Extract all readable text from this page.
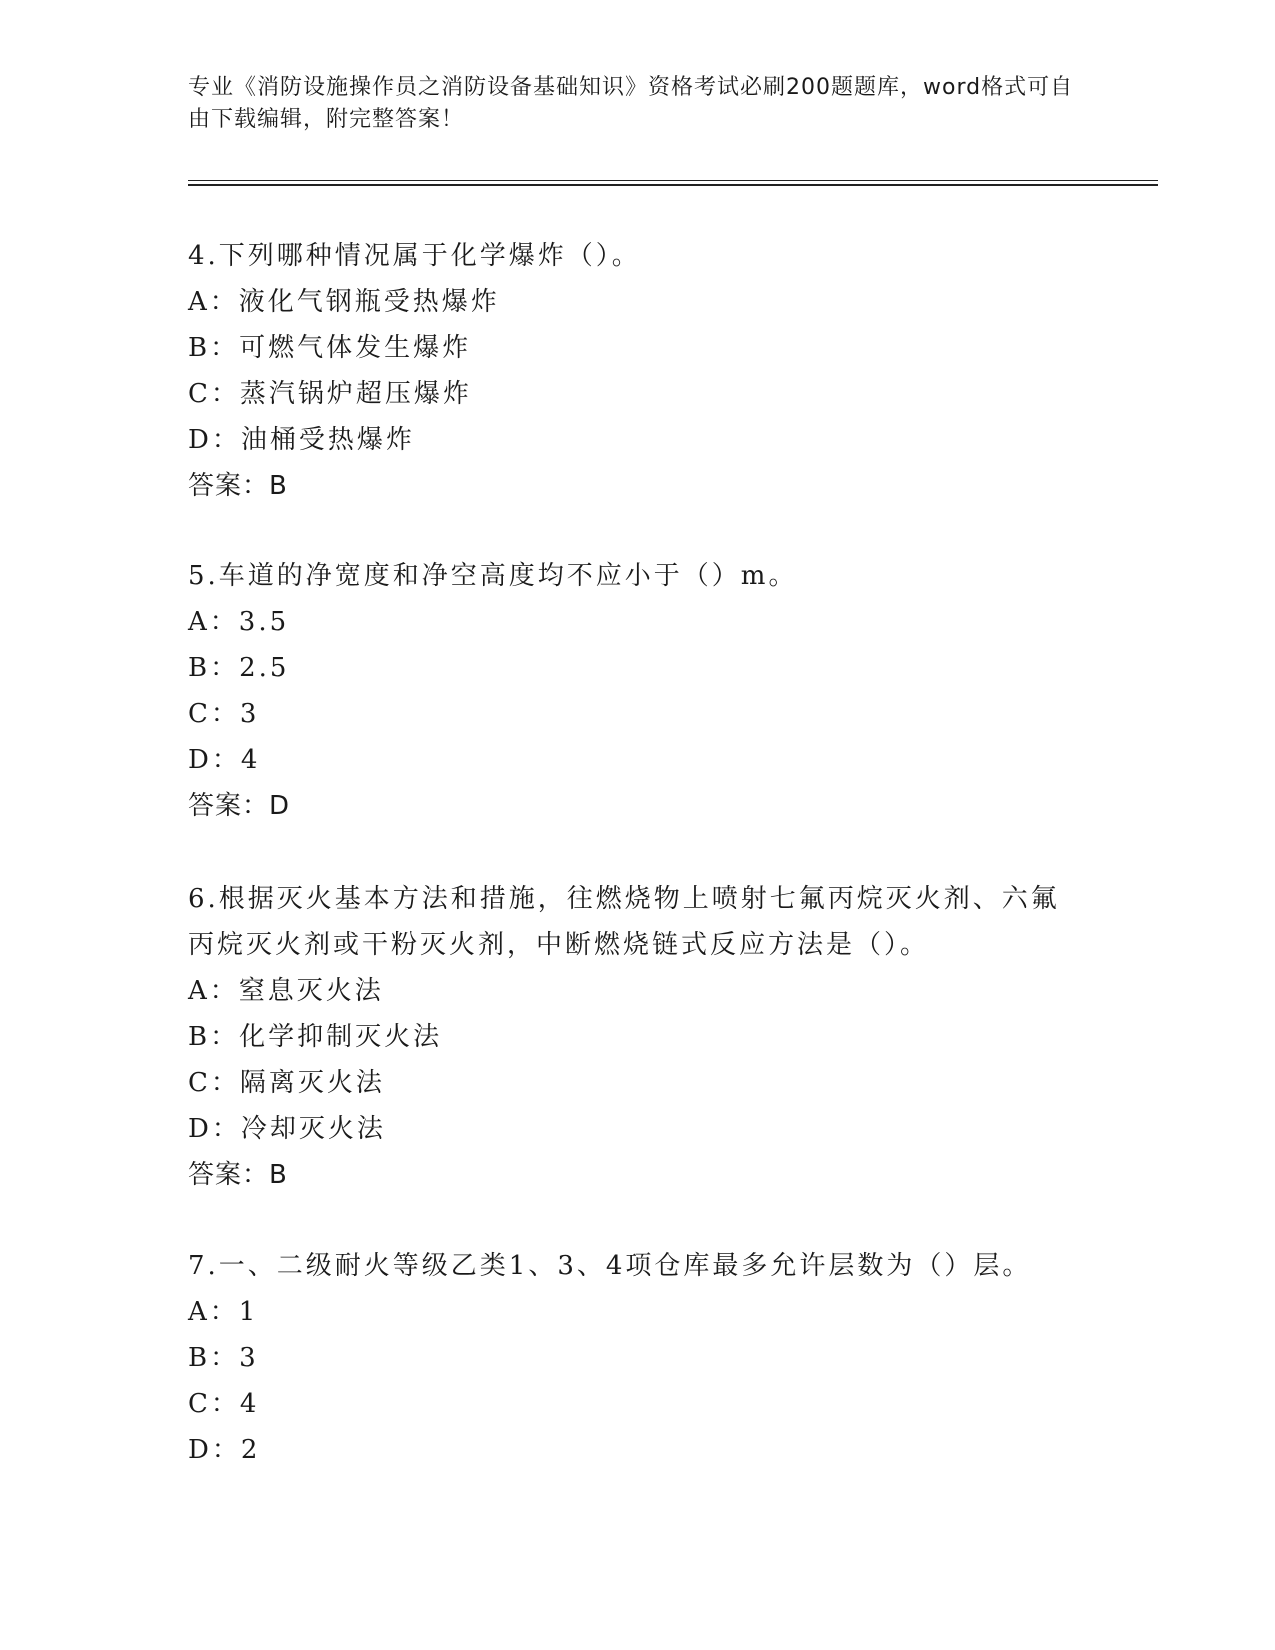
专业《消防设施操作员之消防设备基础知识》资格考试必刷200题题库，word格式可自由下载编辑，附完整答案！
4.下列哪种情况属于化学爆炸（）。
A：液化气钢瓶受热爆炸
B：可燃气体发生爆炸
C：蒸汽锅炉超压爆炸
D：油桶受热爆炸
答案：B
5.车道的净宽度和净空高度均不应小于（）m。
A：3.5
B：2.5
C：3
D：4
答案：D
6.根据灭火基本方法和措施，往燃烧物上喷射七氟丙烷灭火剂、六氟丙烷灭火剂或干粉灭火剂，中断燃烧链式反应方法是（）。
A：窒息灭火法
B：化学抑制灭火法
C：隔离灭火法
D：冷却灭火法
答案：B
7.一、二级耐火等级乙类1、3、4项仓库最多允许层数为（）层。
A：1
B：3
C：4
D：2
